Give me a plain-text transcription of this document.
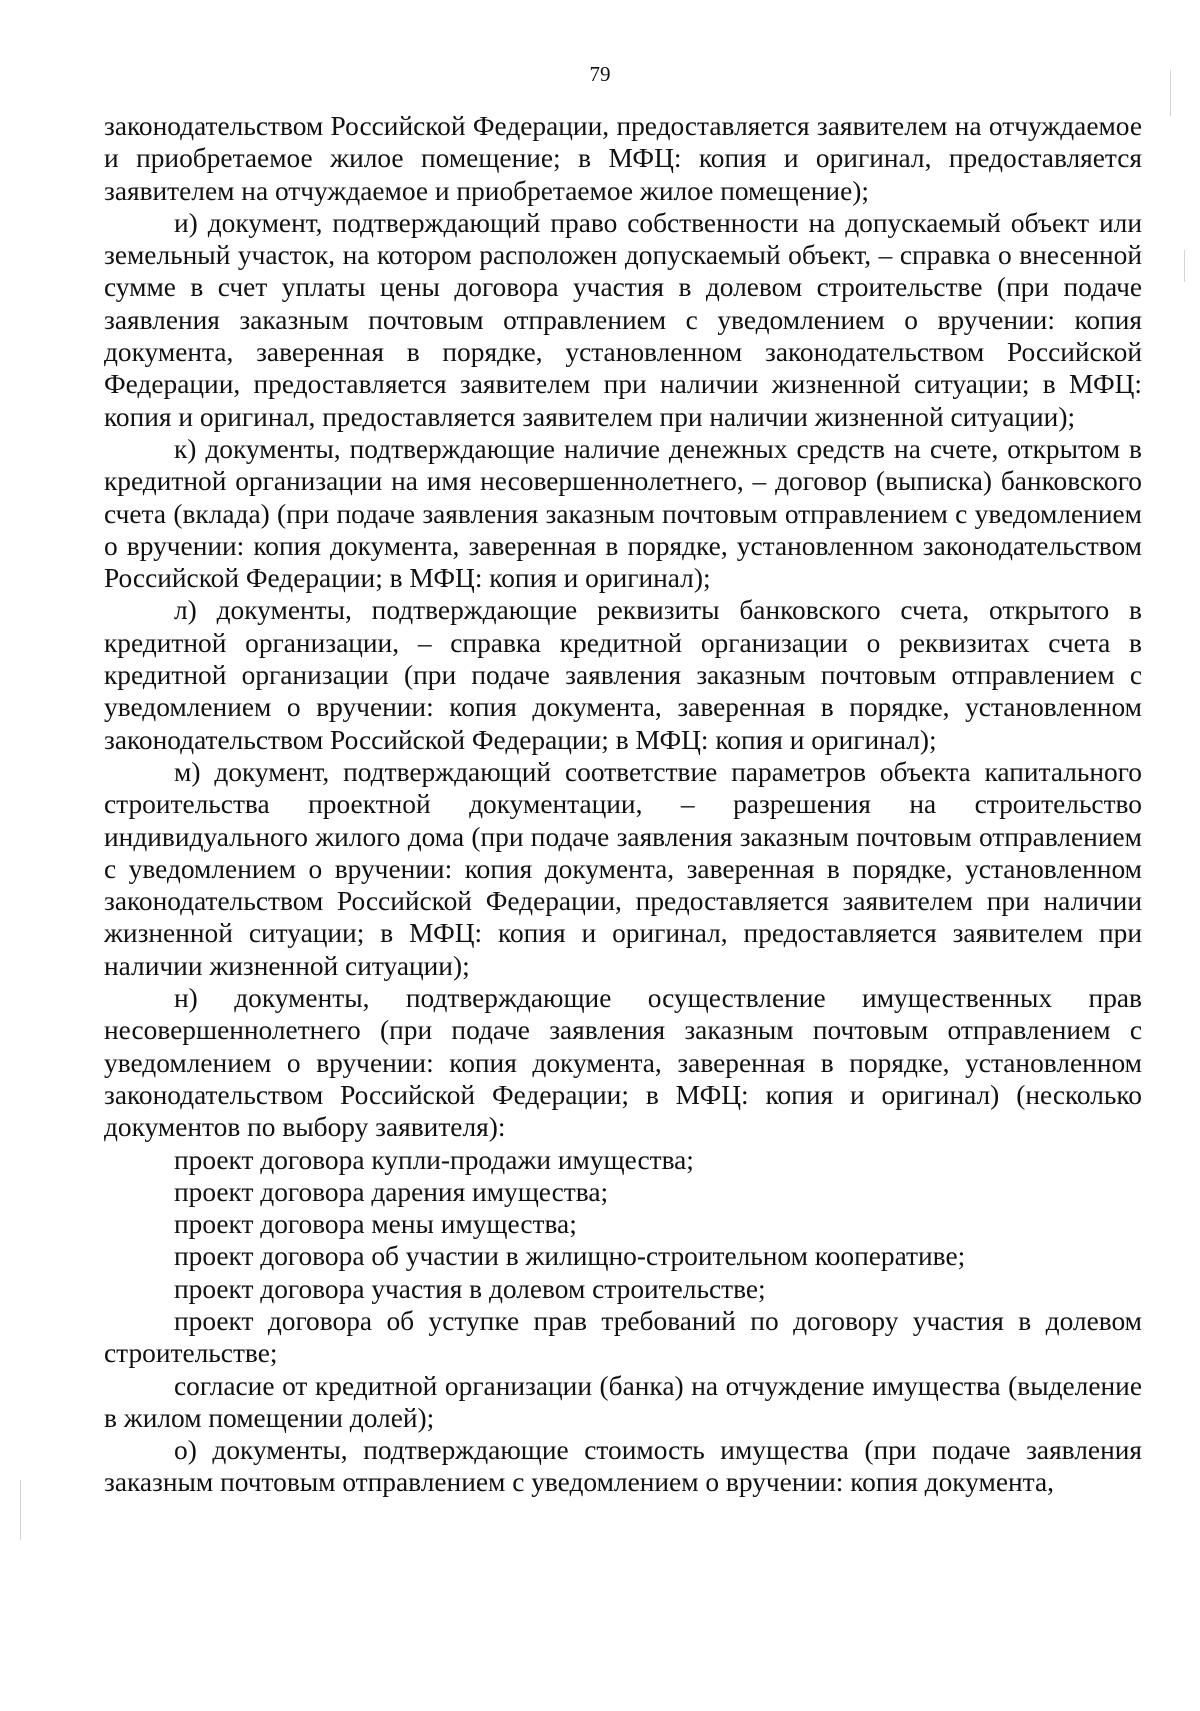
79

законодательством Российской Федерации, предоставляется заявителем на отчуждаемое и приобретаемое жилое помещение; в МФЦ: копия и оригинал, предоставляется заявителем на отчуждаемое и приобретаемое жилое помещение);

и) документ, подтверждающий право собственности на допускаемый объект или земельный участок, на котором расположен допускаемый объект, – справка о внесенной сумме в счет уплаты цены договора участия в долевом строительстве (при подаче заявления заказным почтовым отправлением с уведомлением о вручении: копия документа, заверенная в порядке, установленном законодательством Российской Федерации, предоставляется заявителем при наличии жизненной ситуации; в МФЦ: копия и оригинал, предоставляется заявителем при наличии жизненной ситуации);

к) документы, подтверждающие наличие денежных средств на счете, открытом в кредитной организации на имя несовершеннолетнего, – договор (выписка) банковского счета (вклада) (при подаче заявления заказным почтовым отправлением с уведомлением о вручении: копия документа, заверенная в порядке, установленном законодательством Российской Федерации; в МФЦ: копия и оригинал);

л) документы, подтверждающие реквизиты банковского счета, открытого в кредитной организации, – справка кредитной организации о реквизитах счета в кредитной организации (при подаче заявления заказным почтовым отправлением с уведомлением о вручении: копия документа, заверенная в порядке, установленном законодательством Российской Федерации; в МФЦ: копия и оригинал);

м) документ, подтверждающий соответствие параметров объекта капитального строительства проектной документации, – разрешения на строительство индивидуального жилого дома (при подаче заявления заказным почтовым отправлением с уведомлением о вручении: копия документа, заверенная в порядке, установленном законодательством Российской Федерации, предоставляется заявителем при наличии жизненной ситуации; в МФЦ: копия и оригинал, предоставляется заявителем при наличии жизненной ситуации);

н) документы, подтверждающие осуществление имущественных прав несовершеннолетнего (при подаче заявления заказным почтовым отправлением с уведомлением о вручении: копия документа, заверенная в порядке, установленном законодательством Российской Федерации; в МФЦ: копия и оригинал) (несколько документов по выбору заявителя):

проект договора купли-продажи имущества;

проект договора дарения имущества;

проект договора мены имущества;

проект договора об участии в жилищно-строительном кооперативе;

проект договора участия в долевом строительстве;

проект договора об уступке прав требований по договору участия в долевом строительстве;

согласие от кредитной организации (банка) на отчуждение имущества (выделение в жилом помещении долей);

о) документы, подтверждающие стоимость имущества (при подаче заявления заказным почтовым отправлением с уведомлением о вручении: копия документа,
